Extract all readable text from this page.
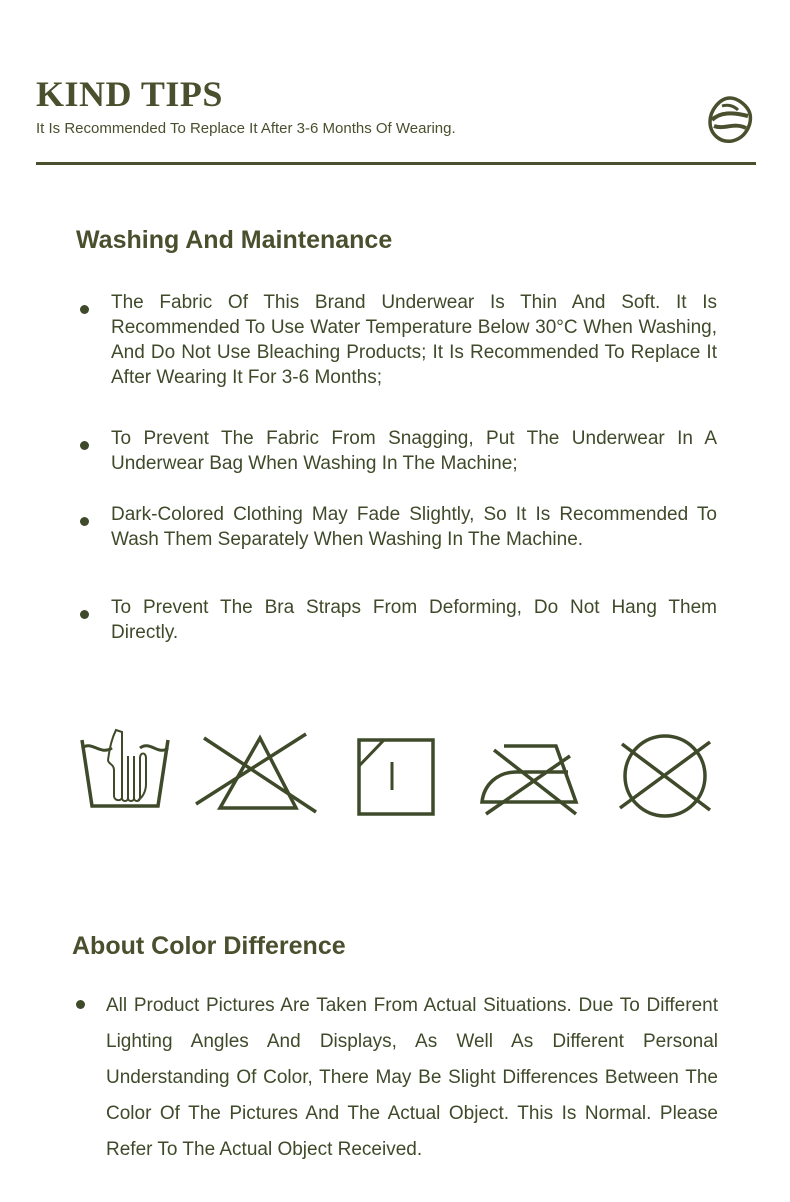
KIND TIPS
It Is Recommended To Replace It After 3-6 Months Of Wearing.
Washing And Maintenance
The Fabric Of This Brand Underwear Is Thin And Soft. It Is Recommended To Use Water Temperature Below 30°C When Washing, And Do Not Use Bleaching Products; It Is Recommended To Replace It After Wearing It For 3-6 Months;
To Prevent The Fabric From Snagging, Put The Underwear In A Underwear Bag When Washing In The Machine;
Dark-Colored Clothing May Fade Slightly, So It Is Recommended To Wash Them Separately When Washing In The Machine.
To Prevent The Bra Straps From Deforming, Do Not Hang Them Directly.
About Color Difference
All Product Pictures Are Taken From Actual Situations. Due To Different Lighting Angles And Displays, As Well As Different Personal Understanding Of Color, There May Be Slight Differences Between The Color Of The Pictures And The Actual Object. This Is Normal. Please Refer To The Actual Object Received.
